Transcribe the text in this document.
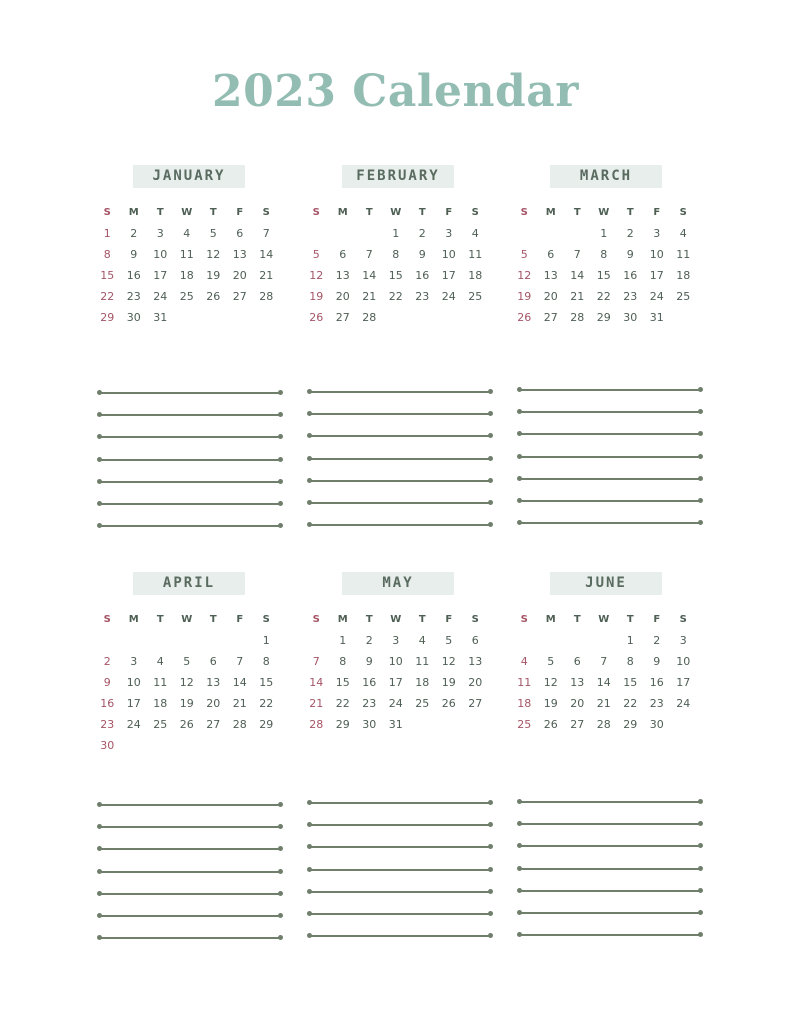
2023 Calendar
JANUARY
S	M	T	W	T	F	S
1	2	3	4	5	6	7
8	9	10	11	12	13	14
15	16	17	18	19	20	21
22	23	24	25	26	27	28
29	30	31				
FEBRUARY
S	M	T	W	T	F	S
			1	2	3	4
5	6	7	8	9	10	11
12	13	14	15	16	17	18
19	20	21	22	23	24	25
26	27	28				
MARCH
S	M	T	W	T	F	S
			1	2	3	4
5	6	7	8	9	10	11
12	13	14	15	16	17	18
19	20	21	22	23	24	25
26	27	28	29	30	31	
APRIL
S	M	T	W	T	F	S
						1
2	3	4	5	6	7	8
9	10	11	12	13	14	15
16	17	18	19	20	21	22
23	24	25	26	27	28	29
30						
MAY
S	M	T	W	T	F	S
	1	2	3	4	5	6
7	8	9	10	11	12	13
14	15	16	17	18	19	20
21	22	23	24	25	26	27
28	29	30	31			
JUNE
S	M	T	W	T	F	S
				1	2	3
4	5	6	7	8	9	10
11	12	13	14	15	16	17
18	19	20	21	22	23	24
25	26	27	28	29	30	
